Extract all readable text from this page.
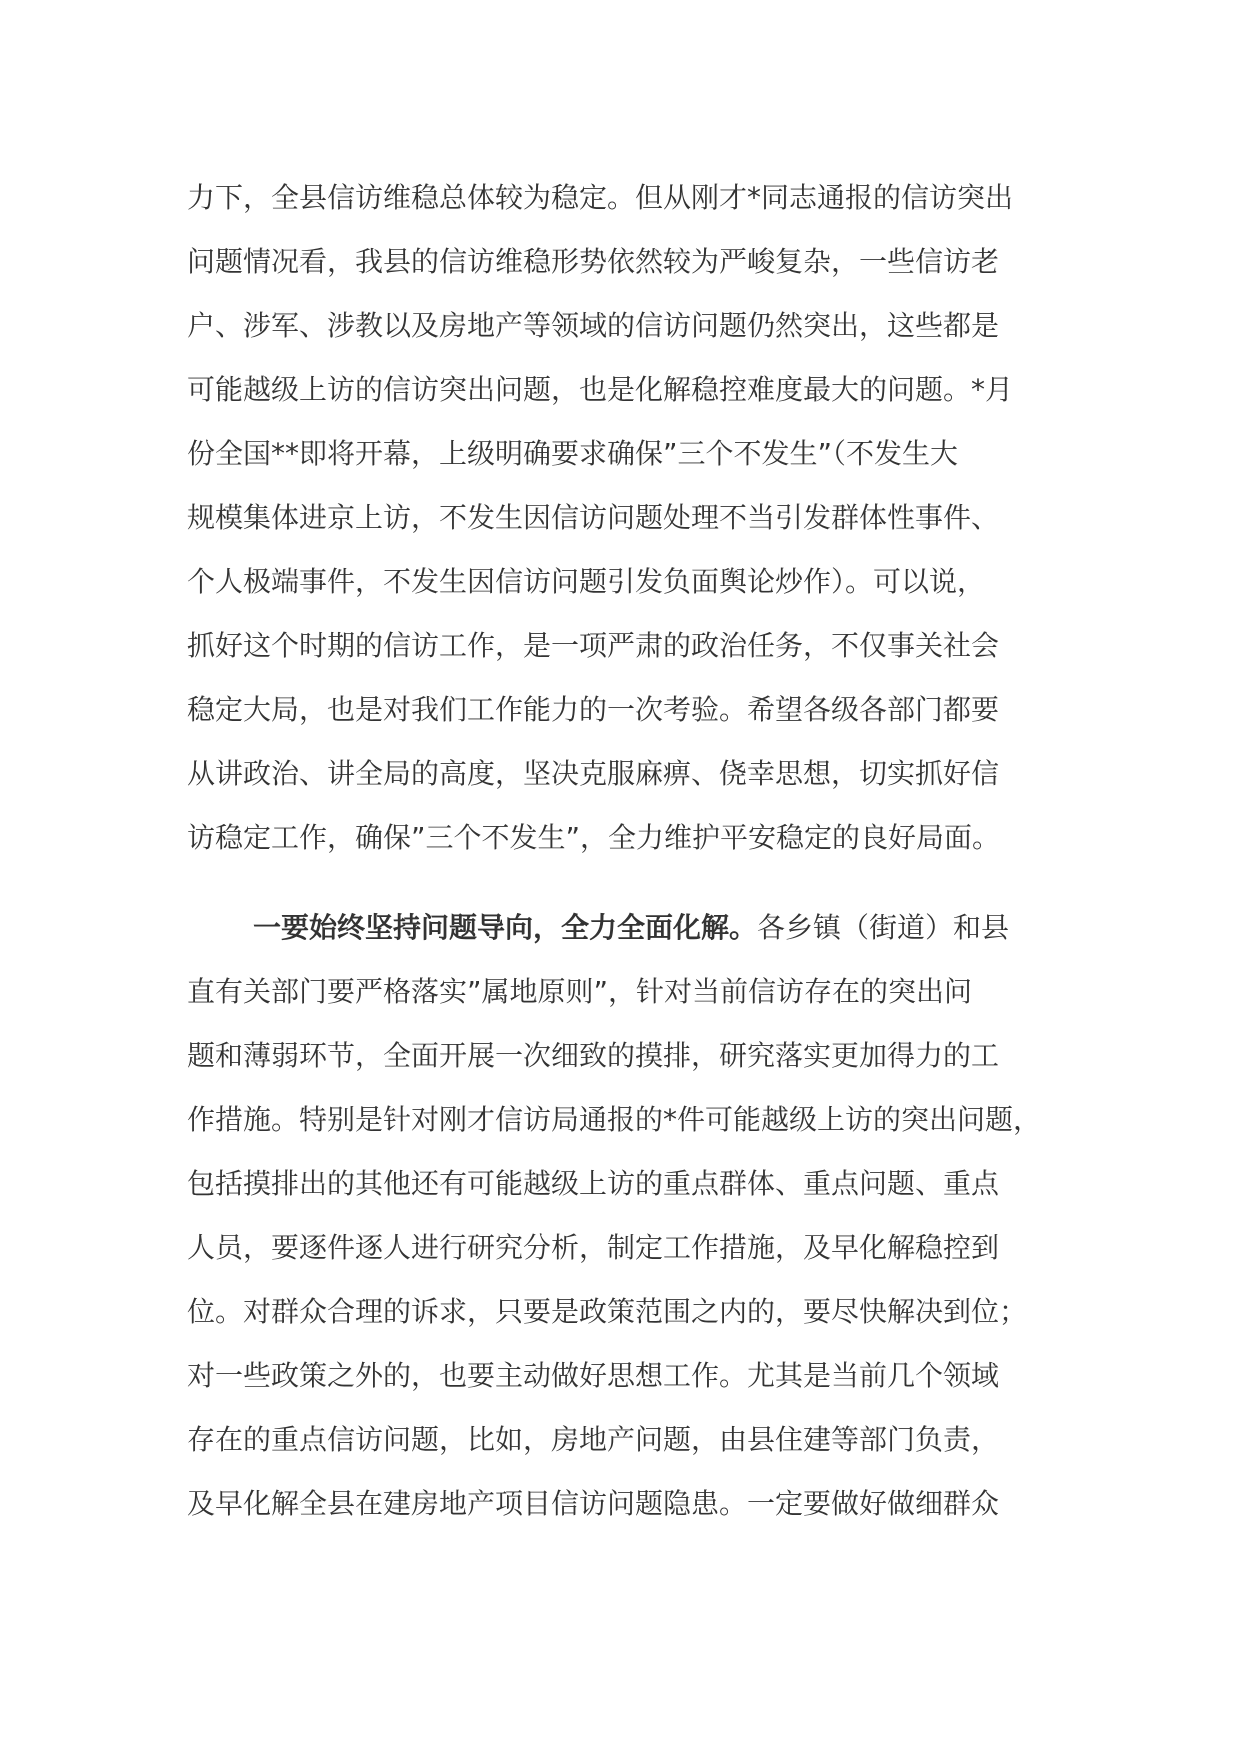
力下，全县信访维稳总体较为稳定。但从刚才*同志通报的信访突出
问题情况看，我县的信访维稳形势依然较为严峻复杂，一些信访老
户、涉军、涉教以及房地产等领域的信访问题仍然突出，这些都是
可能越级上访的信访突出问题，也是化解稳控难度最大的问题。*月
份全国**即将开幕，上级明确要求确保”三个不发生”（不发生大
规模集体进京上访，不发生因信访问题处理不当引发群体性事件、
个人极端事件，不发生因信访问题引发负面舆论炒作）。可以说，
抓好这个时期的信访工作，是一项严肃的政治任务，不仅事关社会
稳定大局，也是对我们工作能力的一次考验。希望各级各部门都要
从讲政治、讲全局的高度，坚决克服麻痹、侥幸思想，切实抓好信
访稳定工作，确保”三个不发生”，全力维护平安稳定的良好局面。
一要始终坚持问题导向，全力全面化解。各乡镇（街道）和县
直有关部门要严格落实”属地原则”，针对当前信访存在的突出问
题和薄弱环节，全面开展一次细致的摸排，研究落实更加得力的工
作措施。特别是针对刚才信访局通报的*件可能越级上访的突出问题，
包括摸排出的其他还有可能越级上访的重点群体、重点问题、重点
人员，要逐件逐人进行研究分析，制定工作措施，及早化解稳控到
位。对群众合理的诉求，只要是政策范围之内的，要尽快解决到位；
对一些政策之外的，也要主动做好思想工作。尤其是当前几个领域
存在的重点信访问题，比如，房地产问题，由县住建等部门负责，
及早化解全县在建房地产项目信访问题隐患。一定要做好做细群众
